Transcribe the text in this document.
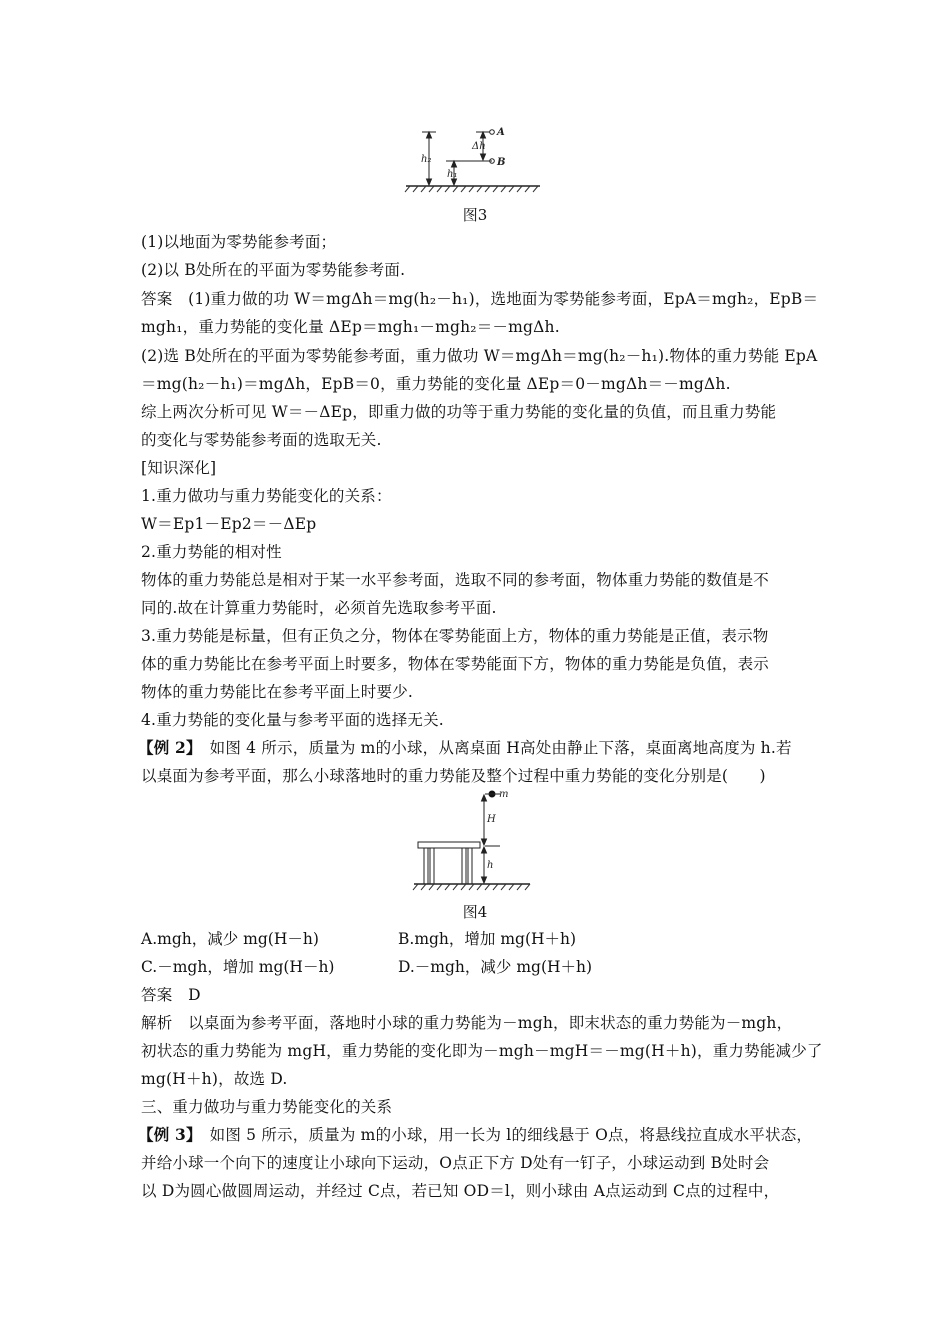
h₂
Δh
h₁
A
B
图3
(1)以地面为零势能参考面；
(2)以 B处所在的平面为零势能参考面.
答案　(1)重力做的功 W＝mgΔh＝mg(h₂－h₁)，选地面为零势能参考面，EpA＝mgh₂，EpB＝
mgh₁，重力势能的变化量 ΔEp＝mgh₁－mgh₂＝－mgΔh.
(2)选 B处所在的平面为零势能参考面，重力做功 W＝mgΔh＝mg(h₂－h₁).物体的重力势能 EpA
＝mg(h₂－h₁)＝mgΔh，EpB＝0，重力势能的变化量 ΔEp＝0－mgΔh＝－mgΔh.
综上两次分析可见 W＝－ΔEp，即重力做的功等于重力势能的变化量的负值，而且重力势能
的变化与零势能参考面的选取无关.
[知识深化]
1.重力做功与重力势能变化的关系：
W＝Ep1－Ep2＝－ΔEp
2.重力势能的相对性
物体的重力势能总是相对于某一水平参考面，选取不同的参考面，物体重力势能的数值是不
同的.故在计算重力势能时，必须首先选取参考平面.
3.重力势能是标量，但有正负之分，物体在零势能面上方，物体的重力势能是正值，表示物
体的重力势能比在参考平面上时要多，物体在零势能面下方，物体的重力势能是负值，表示
物体的重力势能比在参考平面上时要少.
4.重力势能的变化量与参考平面的选择无关.
【例 2】　如图 4 所示，质量为 m的小球，从离桌面 H高处由静止下落，桌面离地高度为 h.若
以桌面为参考平面，那么小球落地时的重力势能及整个过程中重力势能的变化分别是(　　)
m
H
h
图4
A.mgh，减少 mg(H－h)	B.mgh，增加 mg(H＋h)
C.－mgh，增加 mg(H－h)	D.－mgh，减少 mg(H＋h)
答案　D
解析　以桌面为参考平面，落地时小球的重力势能为－mgh，即末状态的重力势能为－mgh，
初状态的重力势能为 mgH，重力势能的变化即为－mgh－mgH＝－mg(H＋h)，重力势能减少了
mg(H＋h)，故选 D.
三、重力做功与重力势能变化的关系
【例 3】　如图 5 所示，质量为 m的小球，用一长为 l的细线悬于 O点，将悬线拉直成水平状态，
并给小球一个向下的速度让小球向下运动，O点正下方 D处有一钉子，小球运动到 B处时会
以 D为圆心做圆周运动，并经过 C点，若已知 OD＝l，则小球由 A点运动到 C点的过程中，
